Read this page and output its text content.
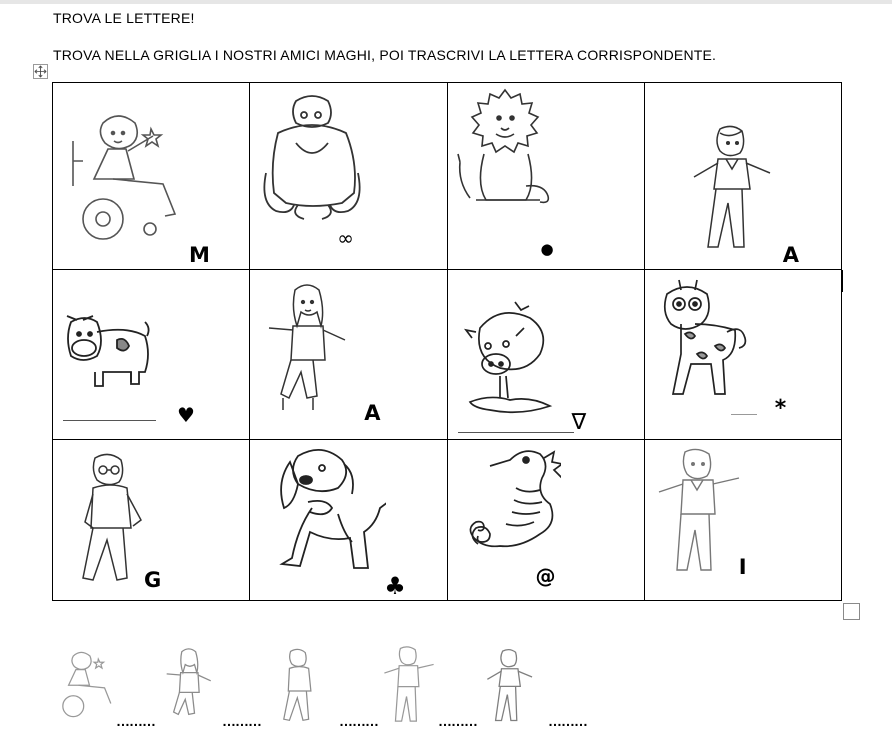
TROVA LE LETTERE!
TROVA NELLA GRIGLIA I NOSTRI AMICI MAGHI, POI TRASCRIVI LA LETTERA CORRISPONDENTE.
M	∞	●	A

♥	A	∇	*

G	♣	@	I
………	………	………	………	………
